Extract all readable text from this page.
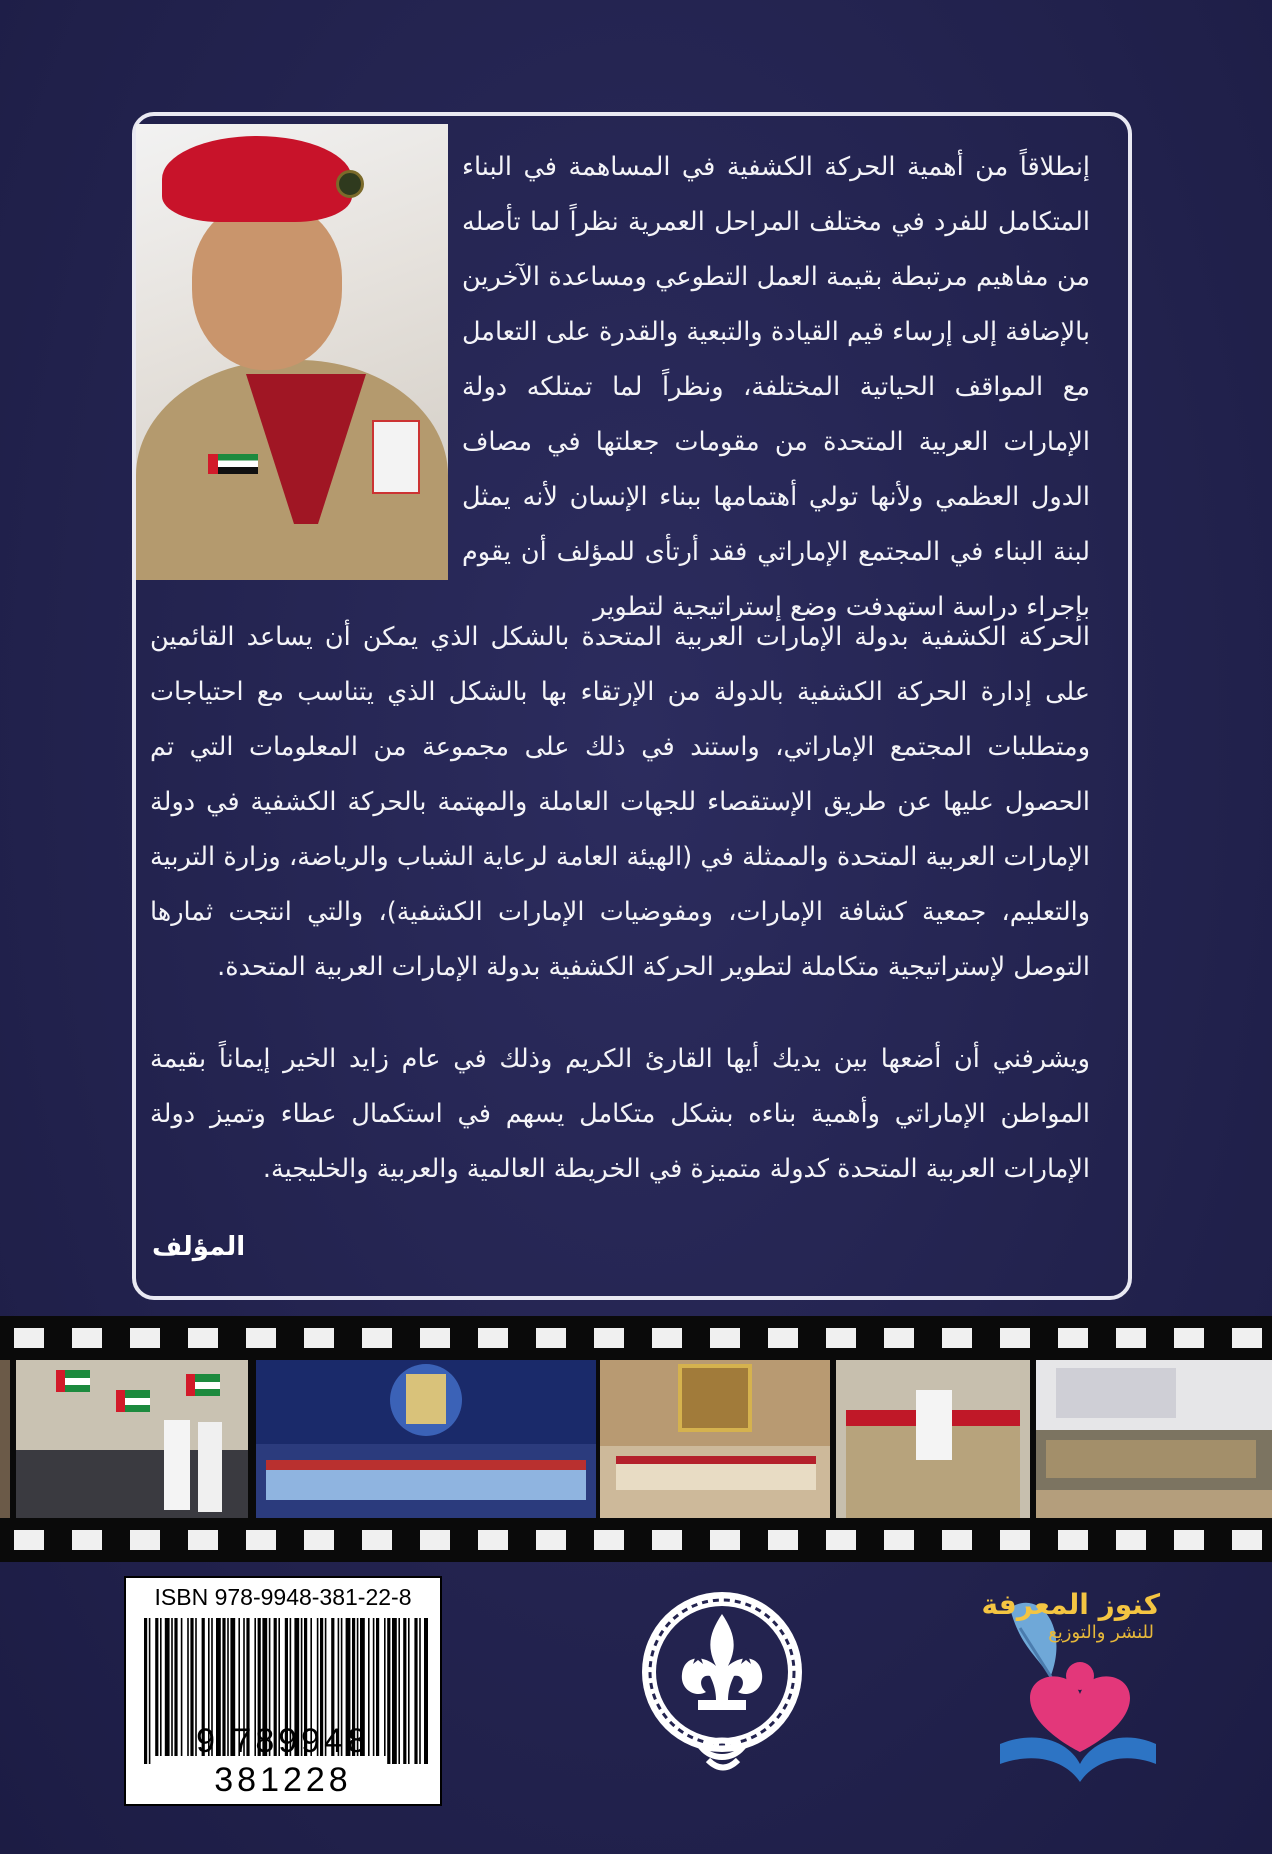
إنطلاقاً من أهمية الحركة الكشفية في المساهمة في البناء المتكامل للفرد في مختلف المراحل العمرية نظراً لما تأصله من مفاهيم مرتبطة بقيمة العمل التطوعي ومساعدة الآخرين بالإضافة إلى إرساء قيم القيادة والتبعية والقدرة على التعامل مع المواقف الحياتية المختلفة، ونظراً لما تمتلكه دولة الإمارات العربية المتحدة من مقومات جعلتها في مصاف الدول العظمي ولأنها تولي أهتمامها ببناء الإنسان لأنه يمثل لبنة البناء في المجتمع الإماراتي فقد أرتأى للمؤلف أن يقوم بإجراء دراسة استهدفت وضع إستراتيجية لتطوير

الحركة الكشفية بدولة الإمارات العربية المتحدة بالشكل الذي يمكن أن يساعد القائمين على إدارة الحركة الكشفية بالدولة من الإرتقاء بها بالشكل الذي يتناسب مع احتياجات ومتطلبات المجتمع الإماراتي، واستند في ذلك على مجموعة من المعلومات التي تم الحصول عليها عن طريق الإستقصاء للجهات العاملة والمهتمة بالحركة الكشفية في دولة الإمارات العربية المتحدة والممثلة في (الهيئة العامة لرعاية الشباب والرياضة، وزارة التربية والتعليم، جمعية كشافة الإمارات، ومفوضيات الإمارات الكشفية)، والتي انتجت ثمارها التوصل لإستراتيجية متكاملة لتطوير الحركة الكشفية بدولة الإمارات العربية المتحدة.

ويشرفني أن أضعها بين يديك أيها القارئ الكريم وذلك في عام زايد الخير إيماناً بقيمة المواطن الإماراتي وأهمية بناءه بشكل متكامل يسهم في استكمال عطاء وتميز دولة الإمارات العربية المتحدة كدولة متميزة في الخريطة العالمية والعربية والخليجية.

المؤلف

ISBN 978-9948-381-22-8

9 789948 381228

كنوز المعرفة

للنشر والتوزيع
